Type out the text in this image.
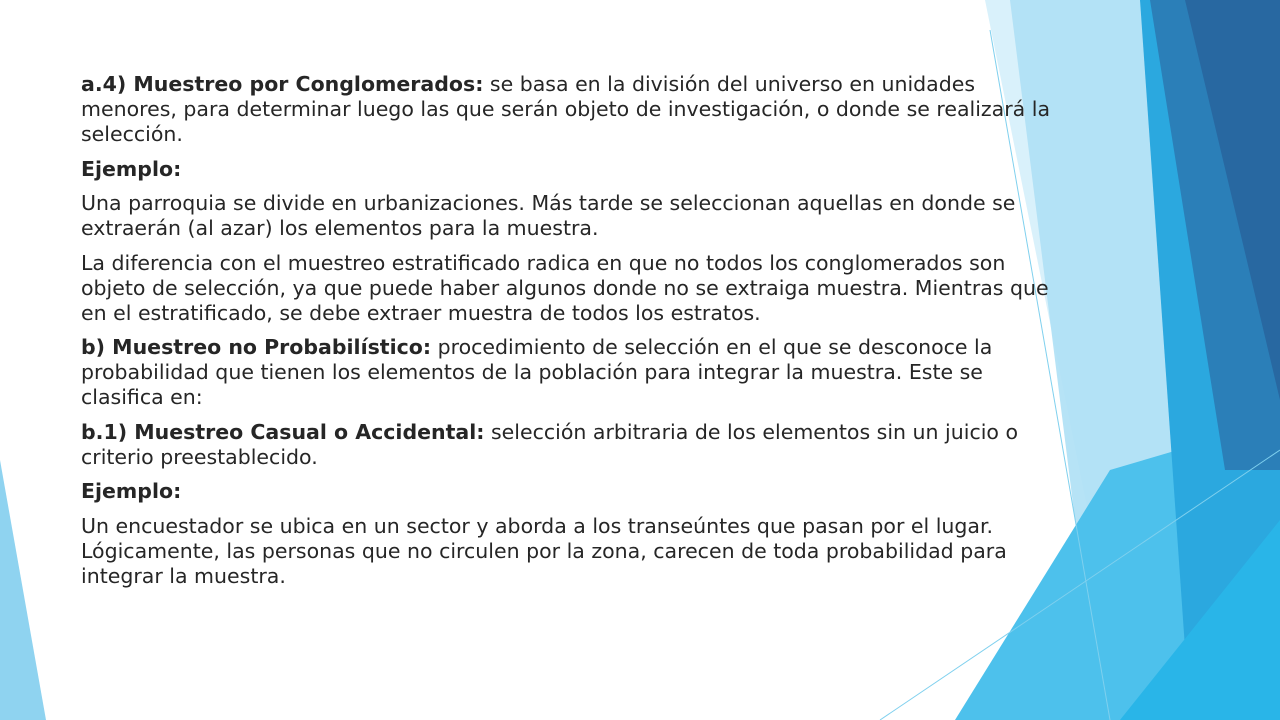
a.4) Muestreo por Conglomerados: se basa en la división del universo en unidades menores, para determinar luego las que serán objeto de investigación, o donde se realizará la selección.

Ejemplo:

Una parroquia se divide en urbanizaciones. Más tarde se seleccionan aquellas en donde se extraerán (al azar) los elementos para la muestra.

La diferencia con el muestreo estratificado radica en que no todos los conglomerados son objeto de selección, ya que puede haber algunos donde no se extraiga muestra. Mientras que en el estratificado, se debe extraer muestra de todos los estratos.

b) Muestreo no Probabilístico: procedimiento de selección en el que se desconoce la probabilidad que tienen los elementos de la población para integrar la muestra. Este se clasifica en:

b.1) Muestreo Casual o Accidental: selección arbitraria de los elementos sin un juicio o criterio preestablecido.

Ejemplo:

Un encuestador se ubica en un sector y aborda a los transeúntes que pasan por el lugar. Lógicamente, las personas que no circulen por la zona, carecen de toda probabilidad para integrar la muestra.
